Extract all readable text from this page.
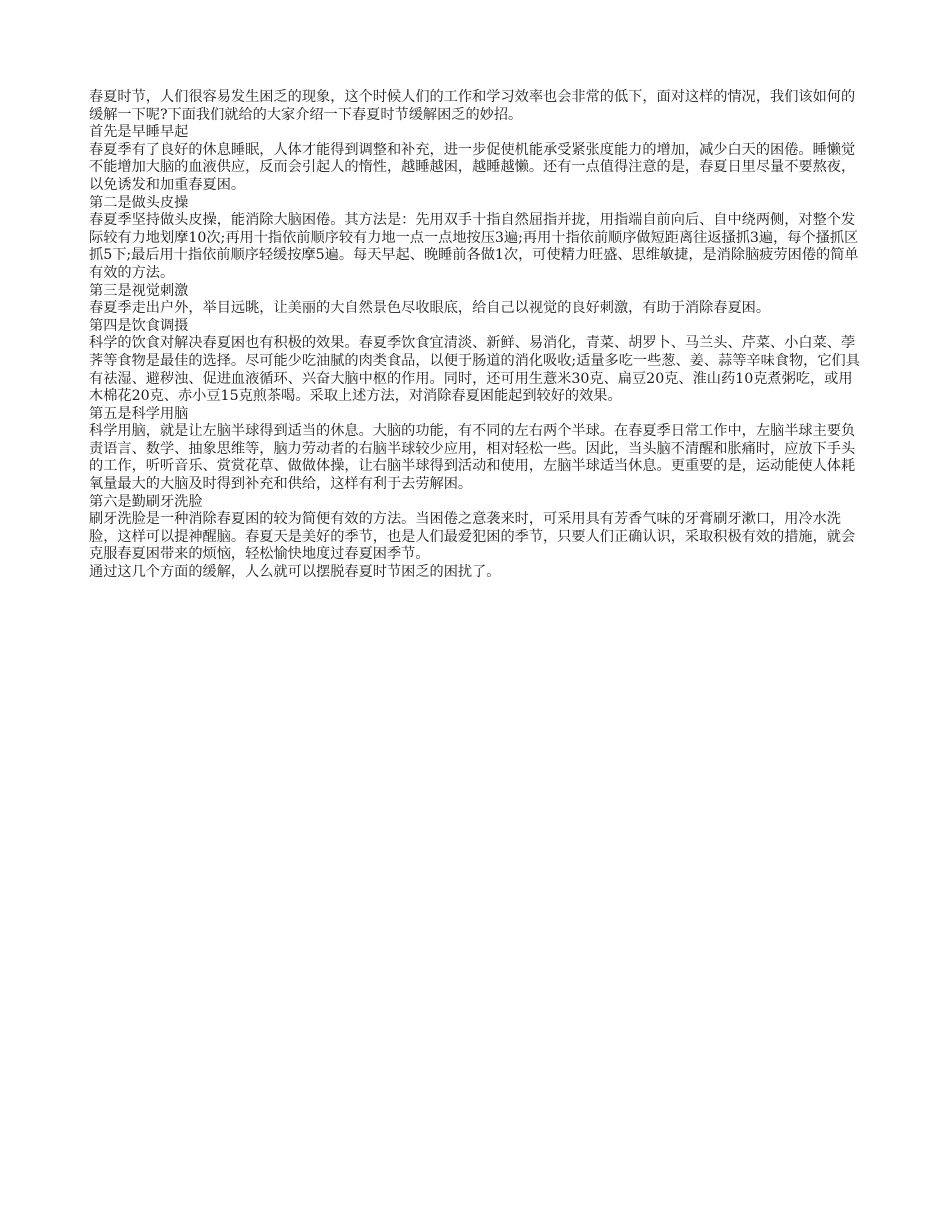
春夏时节，人们很容易发生困乏的现象，这个时候人们的工作和学习效率也会非常的低下，面对这样的情况，我们该如何的缓解一下呢?下面我们就给的大家介绍一下春夏时节缓解困乏的妙招。

首先是早睡早起

春夏季有了良好的休息睡眠，人体才能得到调整和补充，进一步促使机能承受紧张度能力的增加，减少白天的困倦。睡懒觉不能增加大脑的血液供应，反而会引起人的惰性，越睡越困，越睡越懒。还有一点值得注意的是，春夏日里尽量不要熬夜，以免诱发和加重春夏困。

第二是做头皮操

春夏季坚持做头皮操，能消除大脑困倦。其方法是：先用双手十指自然屈指并拢，用指端自前向后、自中绕两侧，对整个发际较有力地划摩10次;再用十指依前顺序较有力地一点一点地按压3遍;再用十指依前顺序做短距离往返搔抓3遍，每个搔抓区抓5下;最后用十指依前顺序轻缓按摩5遍。每天早起、晚睡前各做1次，可使精力旺盛、思维敏捷，是消除脑疲劳困倦的简单有效的方法。

第三是视觉刺激

春夏季走出户外，举目远眺，让美丽的大自然景色尽收眼底，给自己以视觉的良好刺激，有助于消除春夏困。

第四是饮食调摄

科学的饮食对解决春夏困也有积极的效果。春夏季饮食宜清淡、新鲜、易消化，青菜、胡罗卜、马兰头、芹菜、小白菜、荸荠等食物是最佳的选择。尽可能少吃油腻的肉类食品，以便于肠道的消化吸收;适量多吃一些葱、姜、蒜等辛味食物，它们具有祛湿、避秽浊、促进血液循环、兴奋大脑中枢的作用。同时，还可用生薏米30克、扁豆20克、淮山药10克煮粥吃，或用木棉花20克、赤小豆15克煎茶喝。采取上述方法，对消除春夏困能起到较好的效果。

第五是科学用脑

科学用脑，就是让左脑半球得到适当的休息。大脑的功能，有不同的左右两个半球。在春夏季日常工作中，左脑半球主要负责语言、数学、抽象思维等，脑力劳动者的右脑半球较少应用，相对轻松一些。因此，当头脑不清醒和胀痛时，应放下手头的工作，听听音乐、赏赏花草、做做体操，让右脑半球得到活动和使用，左脑半球适当休息。更重要的是，运动能使人体耗氧量最大的大脑及时得到补充和供给，这样有利于去劳解困。

第六是勤刷牙洗脸

刷牙洗脸是一种消除春夏困的较为简便有效的方法。当困倦之意袭来时，可采用具有芳香气味的牙膏刷牙漱口，用冷水洗脸，这样可以提神醒脑。春夏天是美好的季节，也是人们最爱犯困的季节，只要人们正确认识，采取积极有效的措施，就会克服春夏困带来的烦恼，轻松愉快地度过春夏困季节。

通过这几个方面的缓解，人么就可以摆脱春夏时节困乏的困扰了。
